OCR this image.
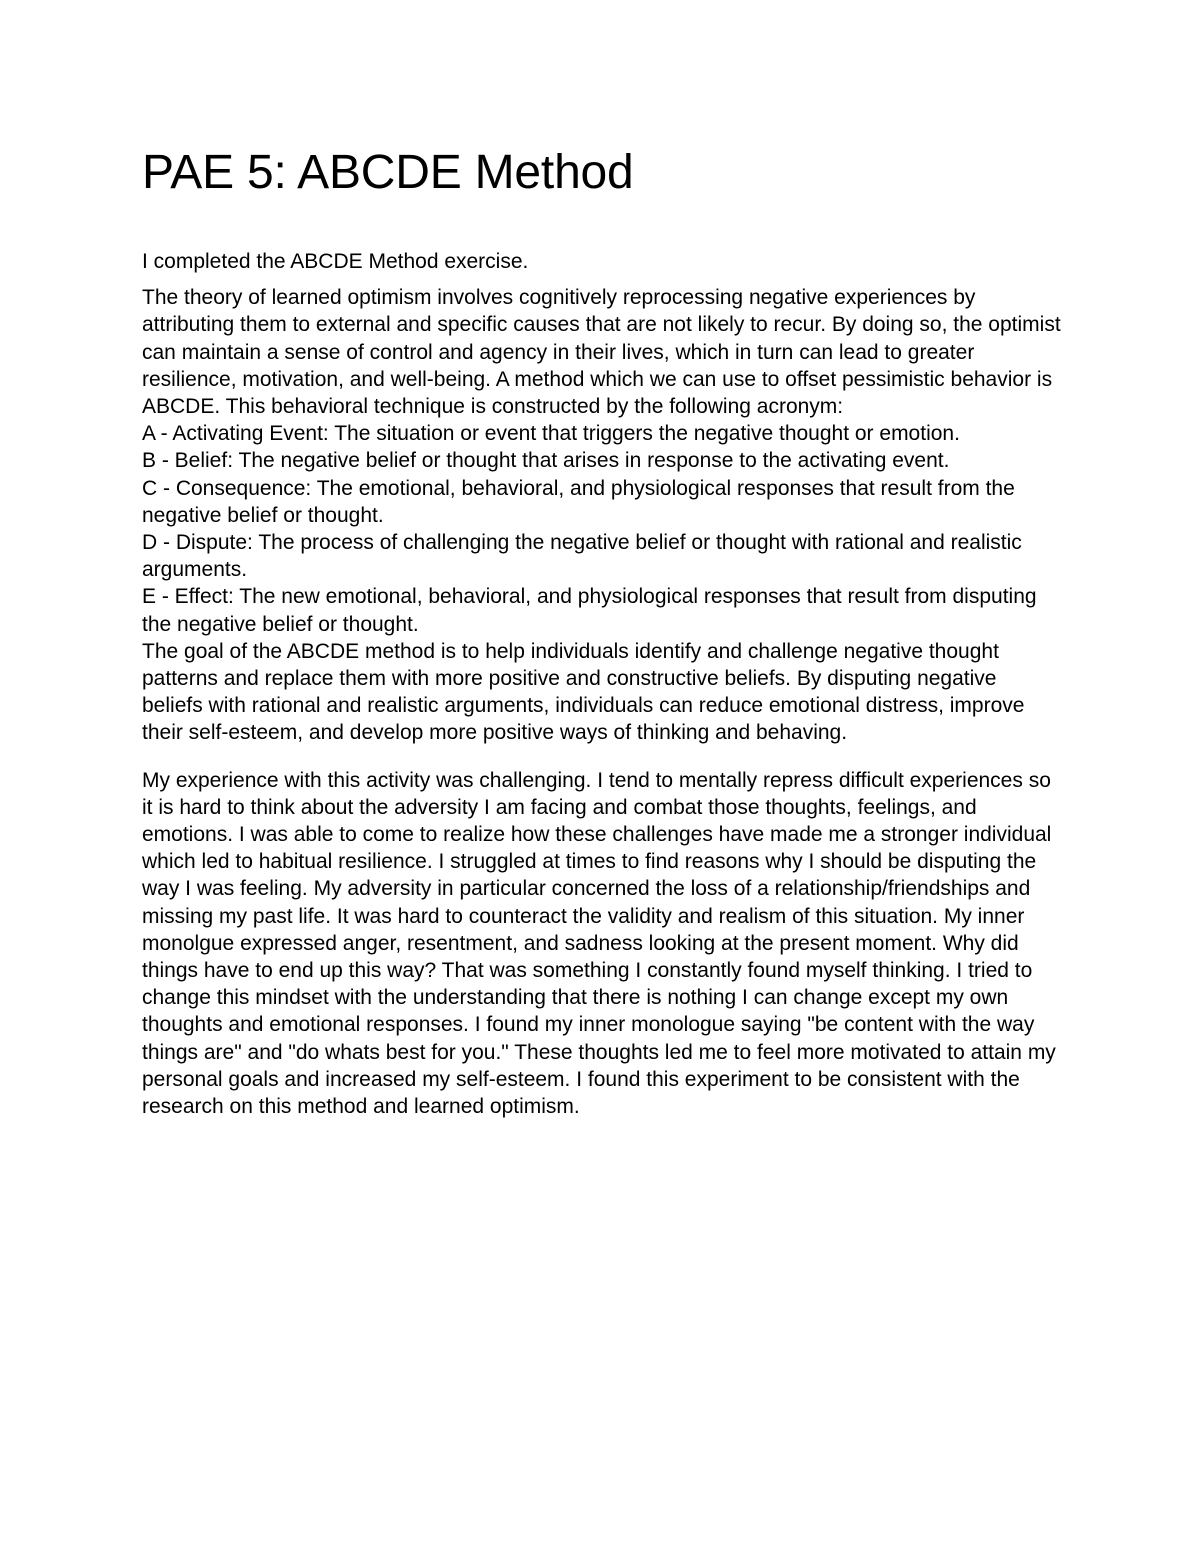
PAE 5: ABCDE Method

I completed the ABCDE Method exercise.

The theory of learned optimism involves cognitively reprocessing negative experiences by attributing them to external and specific causes that are not likely to recur. By doing so, the optimist can maintain a sense of control and agency in their lives, which in turn can lead to greater resilience, motivation, and well-being. A method which we can use to offset pessimistic behavior is ABCDE. This behavioral technique is constructed by the following acronym:

A - Activating Event: The situation or event that triggers the negative thought or emotion.

B - Belief: The negative belief or thought that arises in response to the activating event.

C - Consequence: The emotional, behavioral, and physiological responses that result from the negative belief or thought.

D - Dispute: The process of challenging the negative belief or thought with rational and realistic arguments.

E - Effect: The new emotional, behavioral, and physiological responses that result from disputing the negative belief or thought.

The goal of the ABCDE method is to help individuals identify and challenge negative thought patterns and replace them with more positive and constructive beliefs. By disputing negative beliefs with rational and realistic arguments, individuals can reduce emotional distress, improve their self-esteem, and develop more positive ways of thinking and behaving.

My experience with this activity was challenging. I tend to mentally repress difficult experiences so it is hard to think about the adversity I am facing and combat those thoughts, feelings, and emotions. I was able to come to realize how these challenges have made me a stronger individual which led to habitual resilience. I struggled at times to find reasons why I should be disputing the way I was feeling. My adversity in particular concerned the loss of a relationship/friendships and missing my past life. It was hard to counteract the validity and realism of this situation. My inner monolgue expressed anger, resentment, and sadness looking at the present moment. Why did things have to end up this way? That was something I constantly found myself thinking. I tried to change this mindset with the understanding that there is nothing I can change except my own thoughts and emotional responses. I found my inner monologue saying "be content with the way things are" and "do whats best for you." These thoughts led me to feel more motivated to attain my personal goals and increased my self-esteem. I found this experiment to be consistent with the research on this method and learned optimism.
